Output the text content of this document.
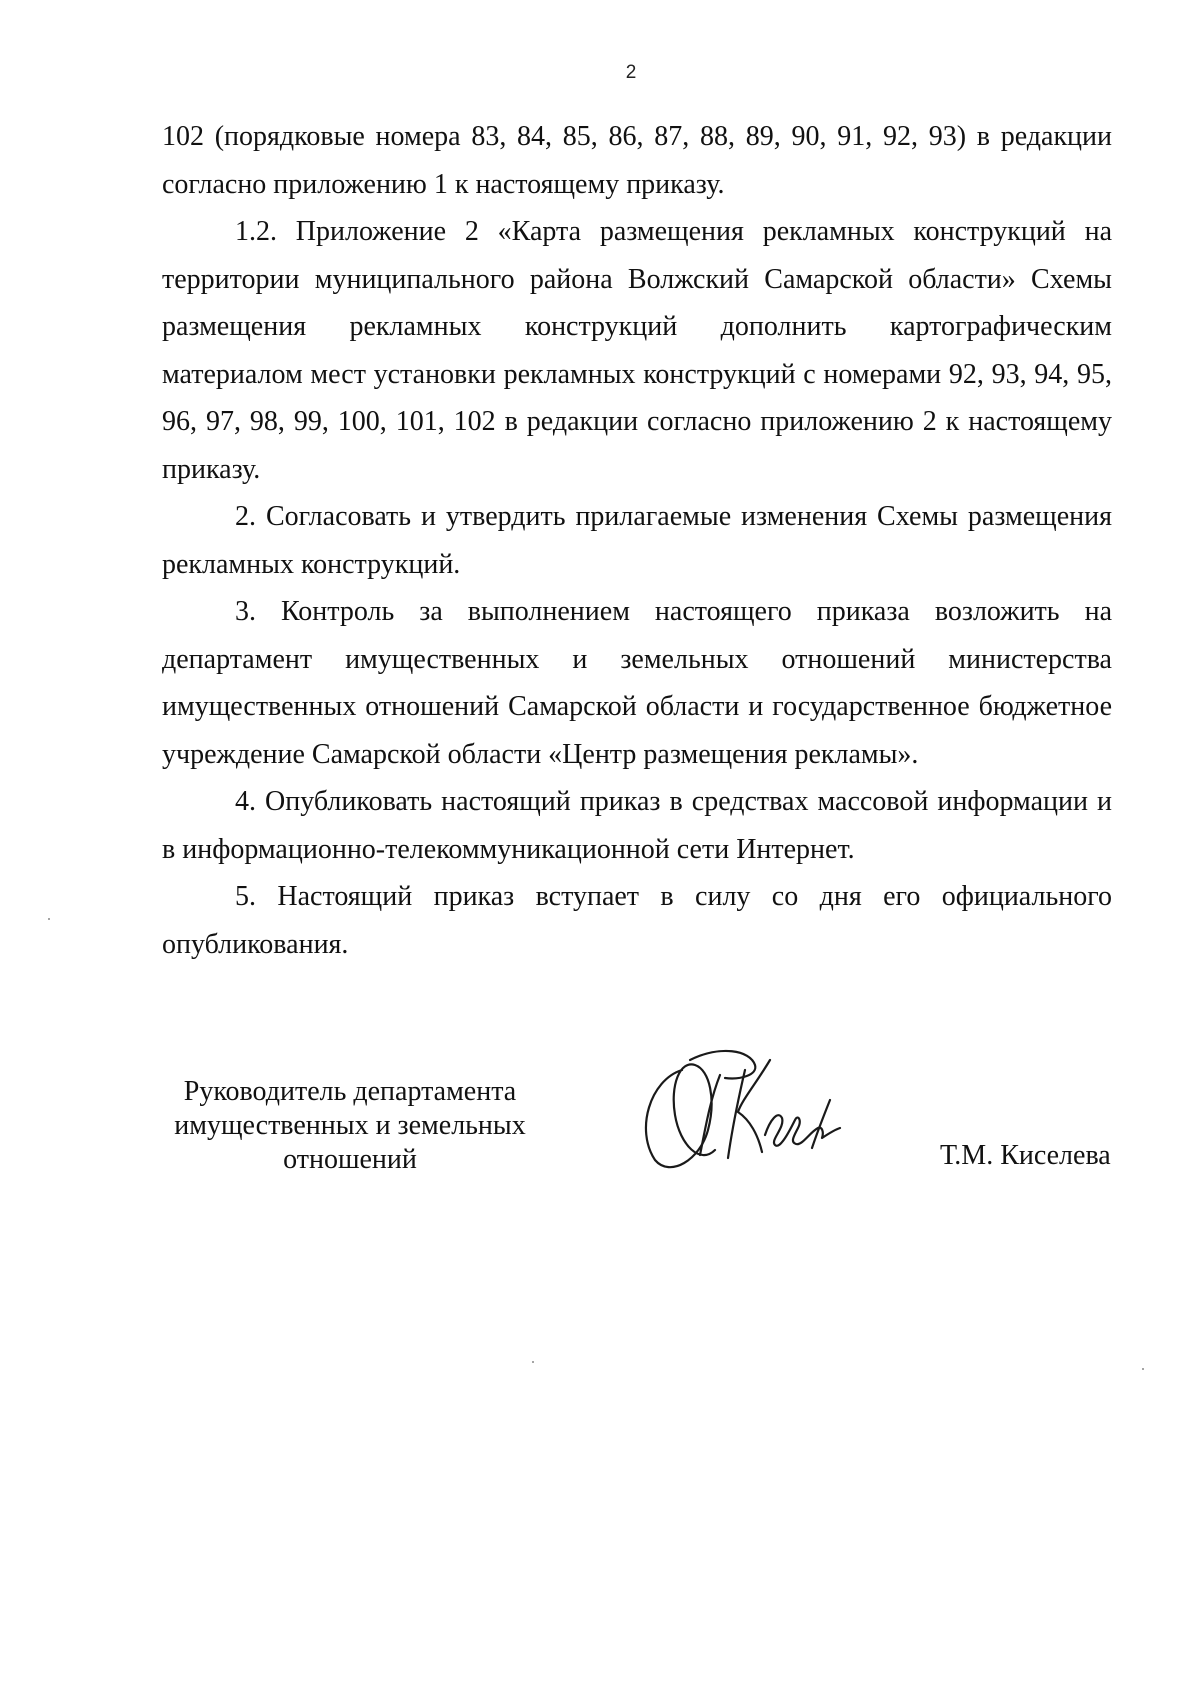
2

102 (порядковые номера 83, 84, 85, 86, 87, 88, 89, 90, 91, 92, 93) в редакции согласно приложению 1 к настоящему приказу.

1.2. Приложение 2 «Карта размещения рекламных конструкций на территории муниципального района Волжский Самарской области» Схемы размещения рекламных конструкций дополнить картографическим материалом мест установки рекламных конструкций с номерами 92, 93, 94, 95, 96, 97, 98, 99, 100, 101, 102 в редакции согласно приложению 2 к настоящему приказу.

2. Согласовать и утвердить прилагаемые изменения Схемы размещения рекламных конструкций.

3. Контроль за выполнением настоящего приказа возложить на департамент имущественных и земельных отношений министерства имущественных отношений Самарской области и государственное бюджетное учреждение Самарской области «Центр размещения рекламы».

4. Опубликовать настоящий приказ в средствах массовой информации и в информационно-телекоммуникационной сети Интернет.

5. Настоящий приказ вступает в силу со дня его официального опубликования.

Руководитель департамента
имущественных и земельных
отношений	Т.М. Киселева
